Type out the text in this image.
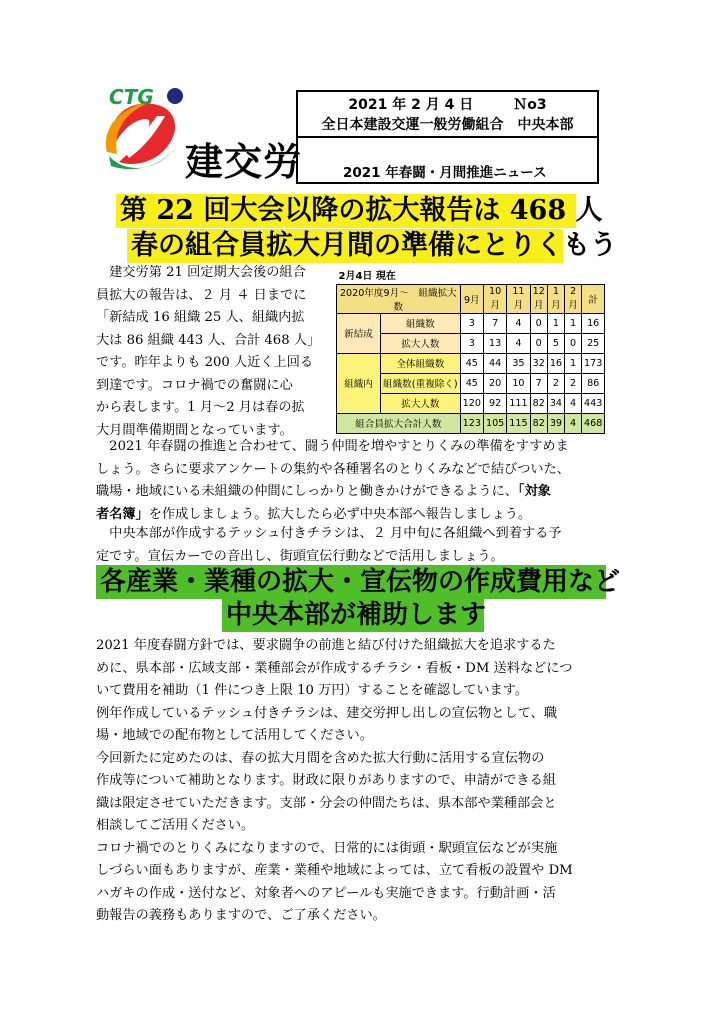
CTG
建交労
2021 年 2 月 4 日	Ｎo3
全日本建設交運一般労働組合　中央本部
2021 年春闘・月間推進ニュース
第 22 回大会以降の拡大報告は 468 人
春の組合員拡大月間の準備にとりくもう
　建交労第 21 回定期大会後の組合
員拡大の報告は、２ 月 ４ 日までに
「新結成 16 組織 25 人、組織内拡
大は 86 組織 443 人、合計 468 人」
です。昨年よりも 200 人近く上回る
到達です。コロナ禍での奮闘に心
から表します。1 月～2 月は春の拡
大月間準備期間となっています。
2月4日 現在								
2020年度9月～　組織拡大数		9月	10月	11月	12月	1月	2月	計
新結成	組織数	3	7	4	0	1	1	16
	拡大人数	3	13	4	0	5	0	25
組織内	全体組織数	45	44	35	32	16	1	173
	組織数(重複除く)	45	20	10	7	2	2	86
	拡大人数	120	92	111	82	34	4	443
組合員拡大合計人数		123	105	115	82	39	4	468
　2021 年春闘の推進と合わせて、闘う仲間を増やすとりくみの準備をすすめま
しょう。さらに要求アンケートの集約や各種署名のとりくみなどで結びついた、
職場・地域にいる未組織の仲間にしっかりと働きかけができるように、「対象
者名簿」を作成しましょう。拡大したら必ず中央本部へ報告しましょう。
　中央本部が作成するテッシュ付きチラシは、２ 月中旬に各組織へ到着する予
定です。宣伝カーでの音出し、街頭宣伝行動などで活用しましょう。
各産業・業種の拡大・宣伝物の作成費用など
中央本部が補助します
2021 年度春闘方針では、要求闘争の前進と結び付けた組織拡大を追求するた
めに、県本部・広域支部・業種部会が作成するチラシ・看板・DM 送料などにつ
いて費用を補助（1 件につき上限 10 万円）することを確認しています。
例年作成しているテッシュ付きチラシは、建交労押し出しの宣伝物として、職
場・地域での配布物として活用してください。
今回新たに定めたのは、春の拡大月間を含めた拡大行動に活用する宣伝物の
作成等について補助となります。財政に限りがありますので、申請ができる組
織は限定させていただきます。支部・分会の仲間たちは、県本部や業種部会と
相談してご活用ください。
コロナ禍でのとりくみになりますので、日常的には街頭・駅頭宣伝などが実施
しづらい面もありますが、産業・業種や地域によっては、立て看板の設置や DM
ハガキの作成・送付など、対象者へのアピールも実施できます。行動計画・活
動報告の義務もありますので、ご了承ください。
